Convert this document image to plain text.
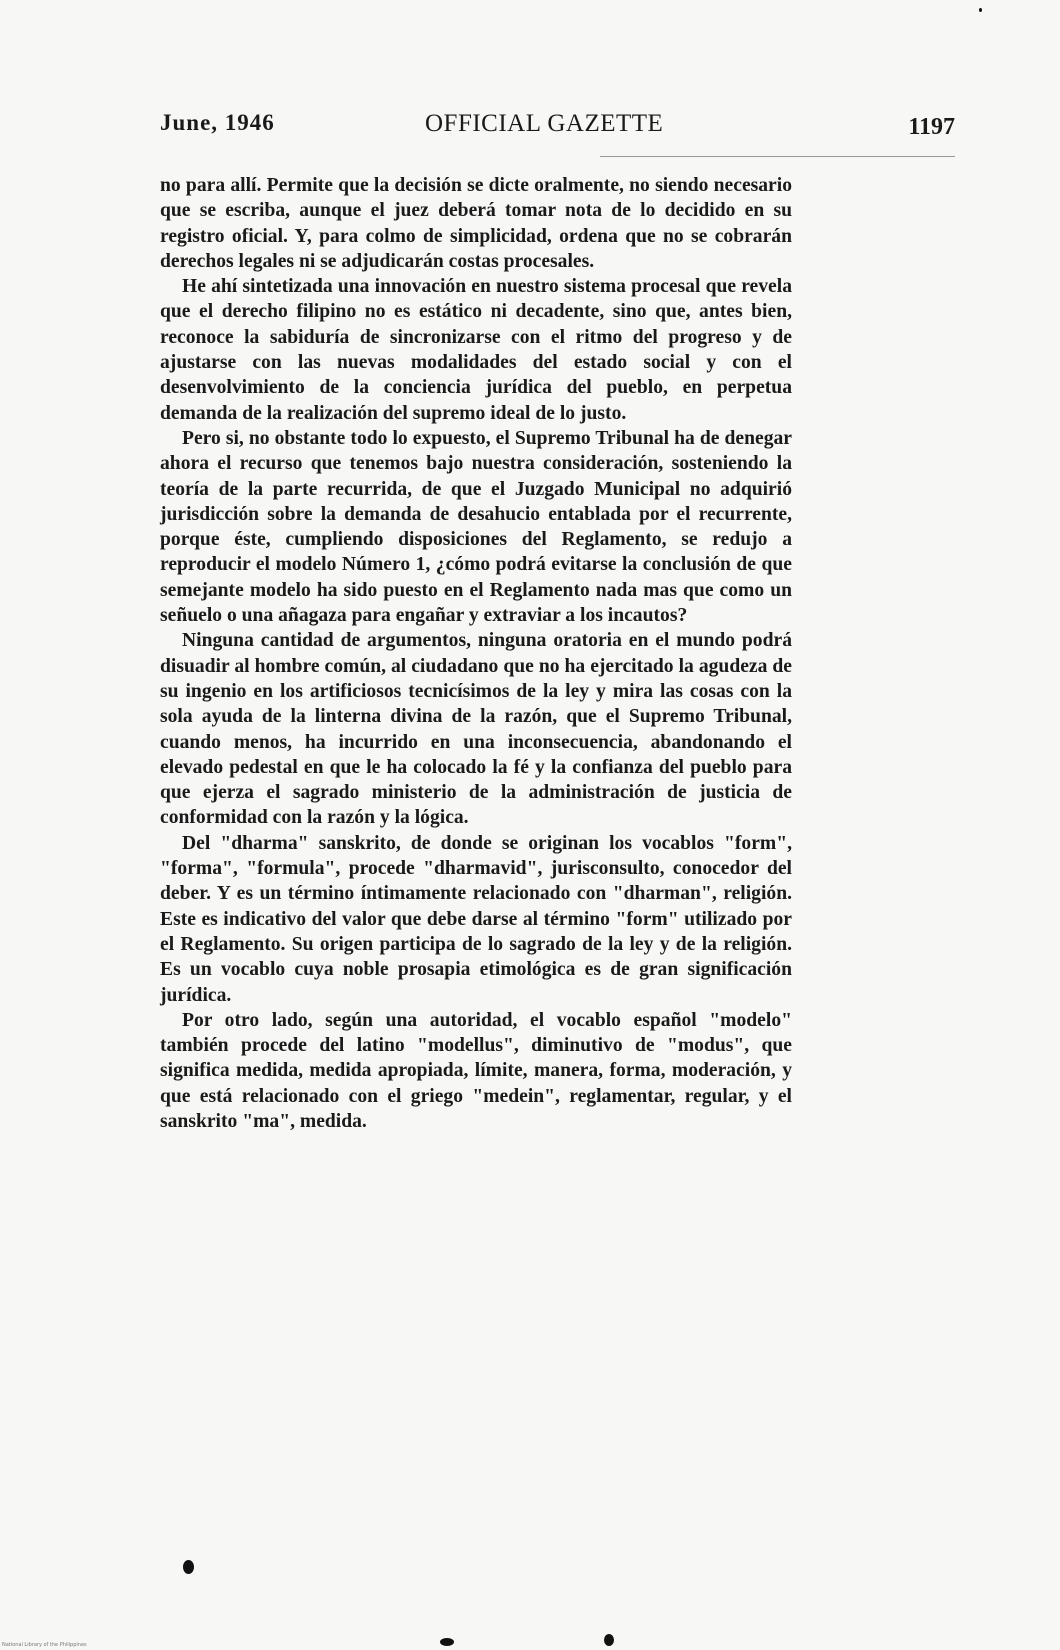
June, 1946	OFFICIAL GAZETTE	1197

no para allí. Permite que la decisión se dicte oralmente, no siendo necesario que se escriba, aunque el juez deberá tomar nota de lo decidido en su registro oficial. Y, para colmo de simplicidad, ordena que no se cobrarán derechos legales ni se adjudicarán costas procesales.

He ahí sintetizada una innovación en nuestro sistema procesal que revela que el derecho filipino no es estático ni decadente, sino que, antes bien, reconoce la sabiduría de sincronizarse con el ritmo del progreso y de ajustarse con las nuevas modalidades del estado social y con el desenvolvimiento de la conciencia jurídica del pueblo, en perpetua demanda de la realización del supremo ideal de lo justo.

Pero si, no obstante todo lo expuesto, el Supremo Tribunal ha de denegar ahora el recurso que tenemos bajo nuestra consideración, sosteniendo la teoría de la parte recurrida, de que el Juzgado Municipal no adquirió jurisdicción sobre la demanda de desahucio entablada por el recurrente, porque éste, cumpliendo disposiciones del Reglamento, se redujo a reproducir el modelo Número 1, ¿cómo podrá evitarse la conclusión de que semejante modelo ha sido puesto en el Reglamento nada mas que como un señuelo o una añagaza para engañar y extraviar a los incautos?

Ninguna cantidad de argumentos, ninguna oratoria en el mundo podrá disuadir al hombre común, al ciudadano que no ha ejercitado la agudeza de su ingenio en los artificiosos tecnicísimos de la ley y mira las cosas con la sola ayuda de la linterna divina de la razón, que el Supremo Tribunal, cuando menos, ha incurrido en una inconsecuencia, abandonando el elevado pedestal en que le ha colocado la fé y la confianza del pueblo para que ejerza el sagrado ministerio de la administración de justicia de conformidad con la razón y la lógica.

Del "dharma" sanskrito, de donde se originan los vocablos "form", "forma", "formula", procede "dharmavid", jurisconsulto, conocedor del deber. Y es un término íntimamente relacionado con "dharman", religión. Este es indicativo del valor que debe darse al término "form" utilizado por el Reglamento. Su origen participa de lo sagrado de la ley y de la religión. Es un vocablo cuya noble prosapia etimológica es de gran significación jurídica.

Por otro lado, según una autoridad, el vocablo español "modelo" también procede del latino "modellus", diminutivo de "modus", que significa medida, medida apropiada, límite, manera, forma, moderación, y que está relacionado con el griego "medein", reglamentar, regular, y el sanskrito "ma", medida.

National Library of the Philippines
